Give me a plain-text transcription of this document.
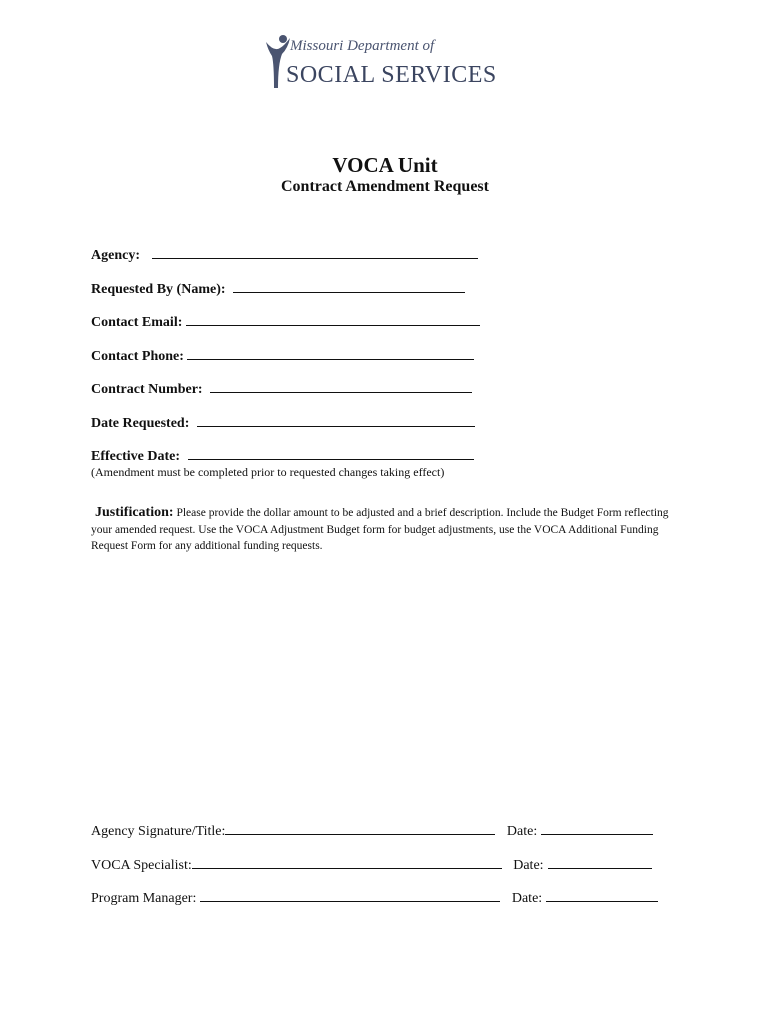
Missouri Department of
SOCIAL SERVICES
VOCA Unit
Contract Amendment Request
Agency:
Requested By (Name):
Contact Email:
Contact Phone:
Contract Number:
Date Requested:
Effective Date:
(Amendment must be completed prior to requested changes taking effect)
Justification: Please provide the dollar amount to be adjusted and a brief description. Include the Budget Form reflecting your amended request. Use the VOCA Adjustment Budget form for budget adjustments, use the VOCA Additional Funding Request Form for any additional funding requests.
Agency Signature/Title:	Date:
VOCA Specialist:	Date:
Program Manager:	Date:
